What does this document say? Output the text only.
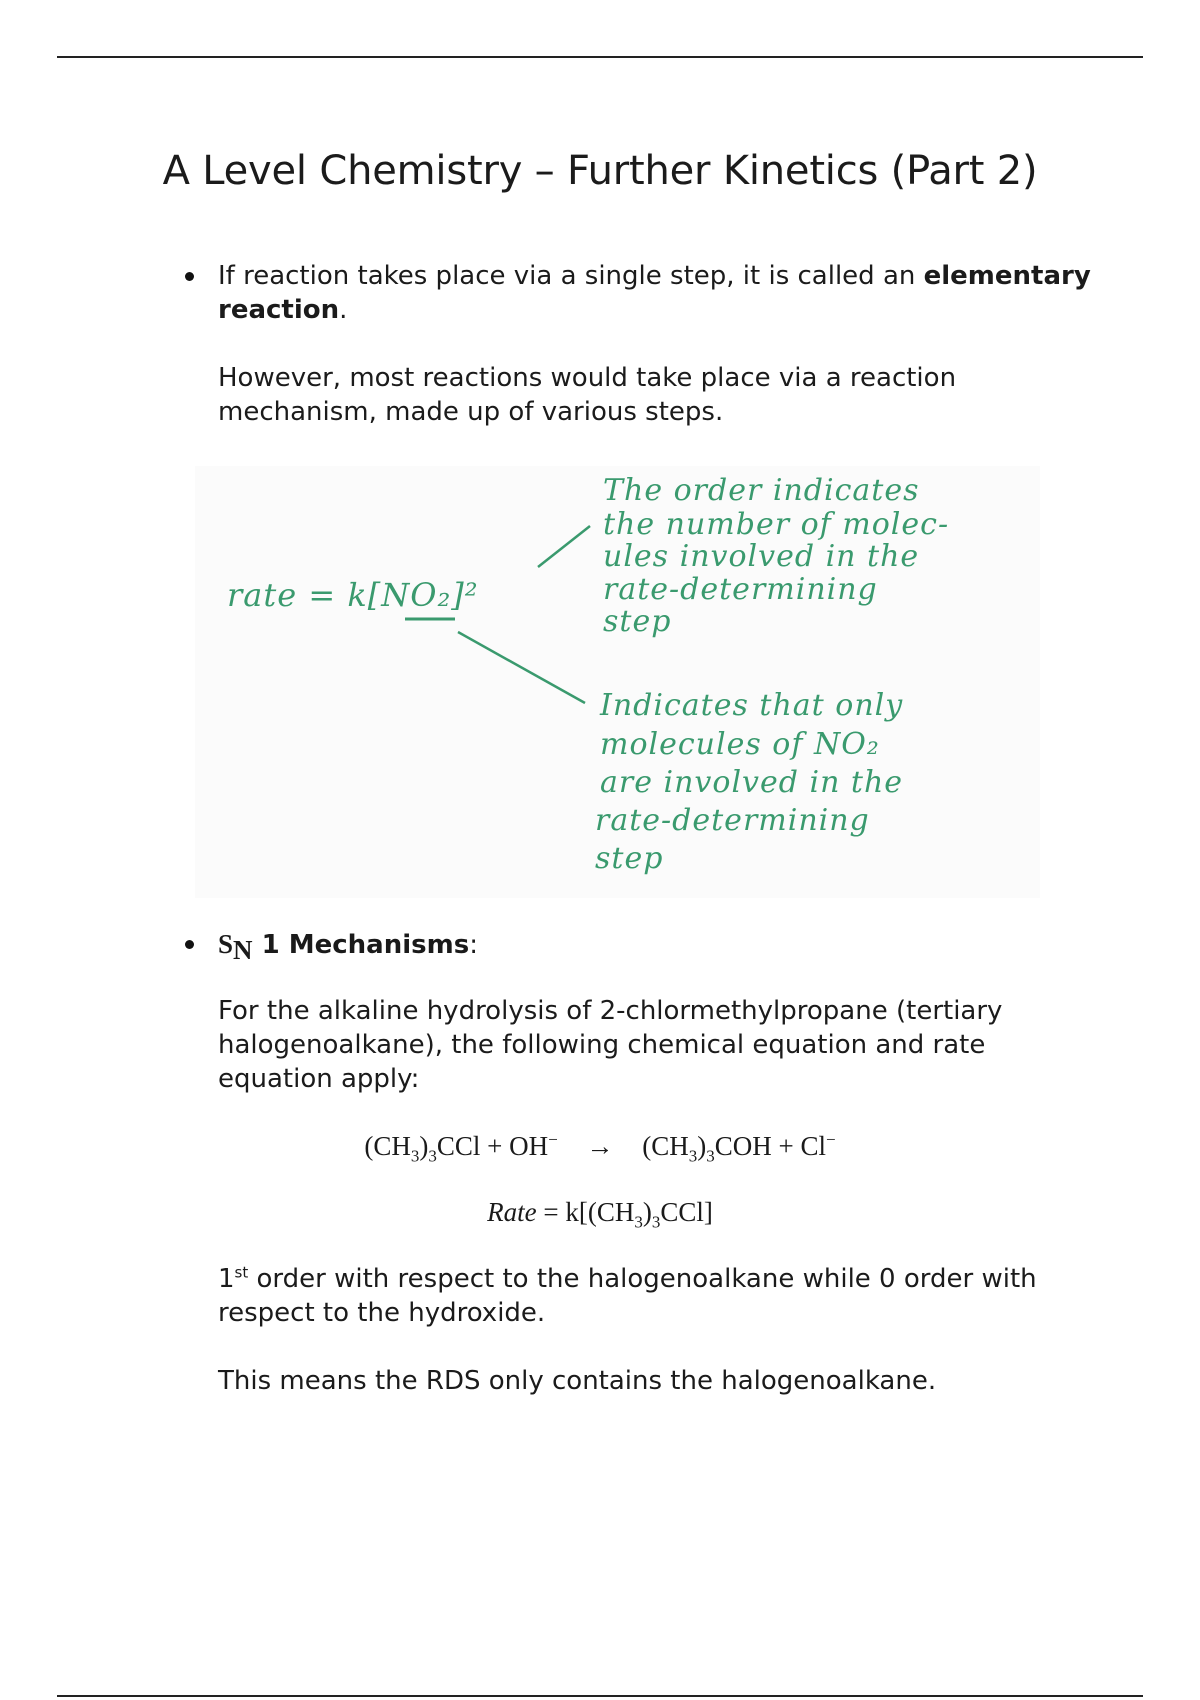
A Level Chemistry – Further Kinetics (Part 2)
If reaction takes place via a single step, it is called an elementary reaction.
However, most reactions would take place via a reaction mechanism, made up of various steps.
rate = k[NO₂]²
The order indicates
the number of molec-
ules involved in the
rate-determining
step
Indicates that only
molecules of NO₂
are involved in the
rate-determining
step
$S_N$ 1 Mechanisms:
For the alkaline hydrolysis of 2-chlormethylpropane (tertiary halogenoalkane), the following chemical equation and rate equation apply:
$(CH_3)_3CCl + OH^- \to (CH_3)_3COH + Cl^-$
Rate = $k[(CH_3)_3CCl]$
1st order with respect to the halogenoalkane while 0 order with respect to the hydroxide.
This means the RDS only contains the halogenoalkane.
